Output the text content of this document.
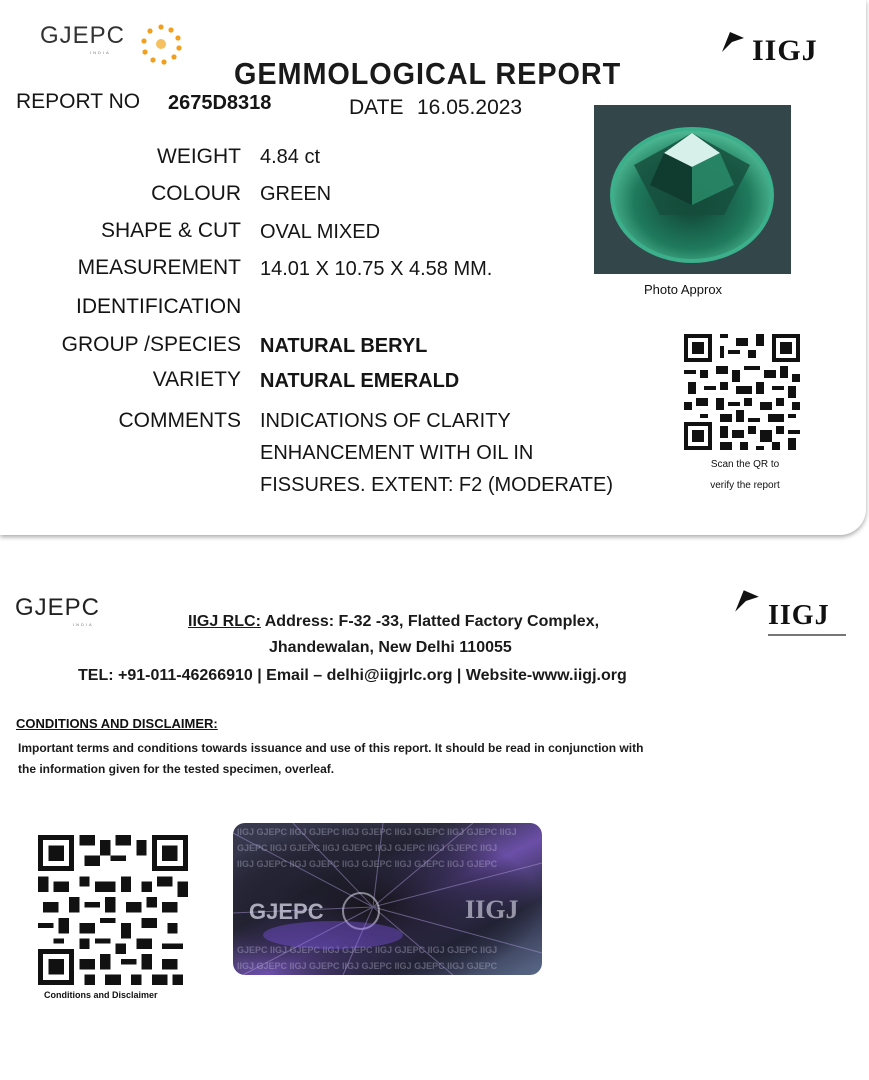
GJEPC
INDIA	IIGJ
GEMMOLOGICAL REPORT
REPORT NO 2675D8318	DATE 16.05.2023
WEIGHT 4.84 ct
COLOUR GREEN
SHAPE & CUT OVAL MIXED
MEASUREMENT 14.01 X 10.75 X 4.58 MM.
IDENTIFICATION
GROUP /SPECIES NATURAL BERYL
VARIETY NATURAL EMERALD
COMMENTS INDICATIONS OF CLARITY
ENHANCEMENT WITH OIL IN
FISSURES. EXTENT: F2 (MODERATE)
Photo Approx
Scan the QR to
verify the report
GJEPC
INDIA	IIGJ
IIGJ RLC: Address: F-32 -33, Flatted Factory Complex,
Jhandewalan, New Delhi 110055
TEL: +91-011-46266910 | Email – delhi@iigjrlc.org | Website-www.iigj.org
CONDITIONS AND DISCLAIMER:
Important terms and conditions towards issuance and use of this report. It should be read in conjunction with
the information given for the tested specimen, overleaf.
Conditions and Disclaimer
IIGJ GJEPC IIGJ GJEPC IIGJ GJEPC IIGJ GJEPC IIGJ GJEPC IIGJ
GJEPC IIGJ GJEPC IIGJ GJEPC IIGJ GJEPC IIGJ GJEPC IIGJ
IIGJ GJEPC IIGJ GJEPC IIGJ GJEPC IIGJ GJEPC IIGJ GJEPC
GJEPC IIGJ GJEPC IIGJ GJEPC IIGJ GJEPC IIGJ GJEPC IIGJ
IIGJ GJEPC IIGJ GJEPC IIGJ GJEPC IIGJ GJEPC IIGJ GJEPC
GJEPC	IIGJ
